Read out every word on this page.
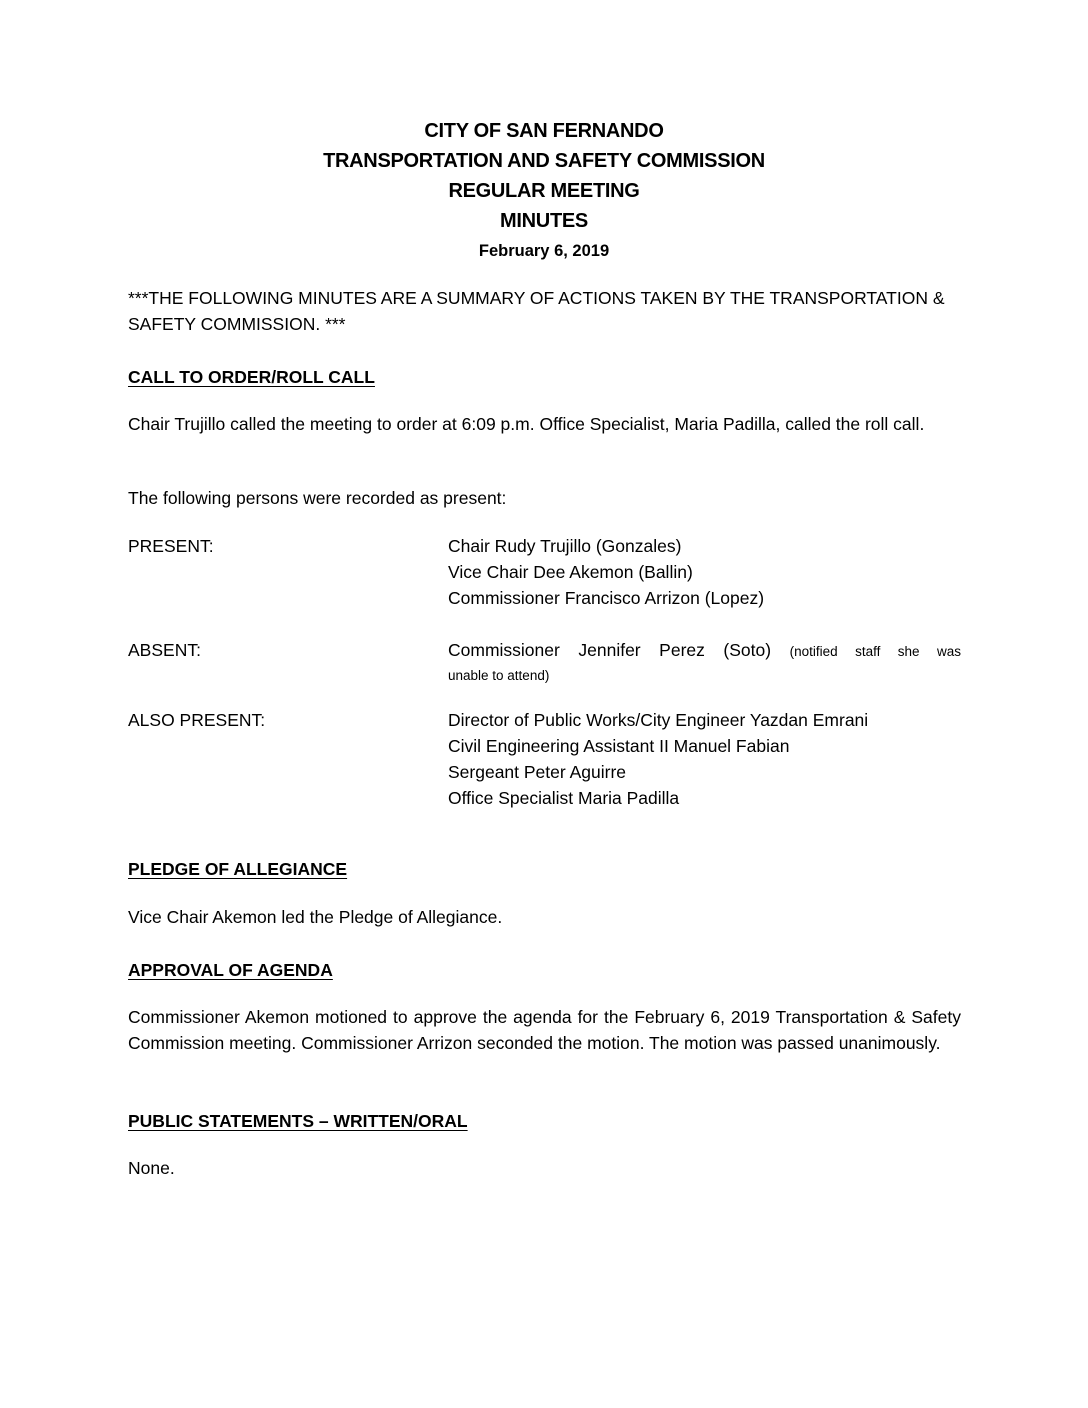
CITY OF SAN FERNANDO
TRANSPORTATION AND SAFETY COMMISSION
REGULAR MEETING
MINUTES
February 6, 2019
***THE FOLLOWING MINUTES ARE A SUMMARY OF ACTIONS TAKEN BY THE TRANSPORTATION & SAFETY COMMISSION. ***
CALL TO ORDER/ROLL CALL
Chair Trujillo called the meeting to order at 6:09 p.m. Office Specialist, Maria Padilla, called the roll call.
The following persons were recorded as present:
PRESENT:	Chair Rudy Trujillo (Gonzales)
Vice Chair Dee Akemon (Ballin)
Commissioner Francisco Arrizon (Lopez)
ABSENT:	Commissioner Jennifer Perez (Soto) (notified staff she was
unable to attend)
ALSO PRESENT:	Director of Public Works/City Engineer Yazdan Emrani
Civil Engineering Assistant II Manuel Fabian
Sergeant Peter Aguirre
Office Specialist Maria Padilla
PLEDGE OF ALLEGIANCE
Vice Chair Akemon led the Pledge of Allegiance.
APPROVAL OF AGENDA
Commissioner Akemon motioned to approve the agenda for the February 6, 2019 Transportation & Safety Commission meeting. Commissioner Arrizon seconded the motion. The motion was passed unanimously.
PUBLIC STATEMENTS – WRITTEN/ORAL
None.
